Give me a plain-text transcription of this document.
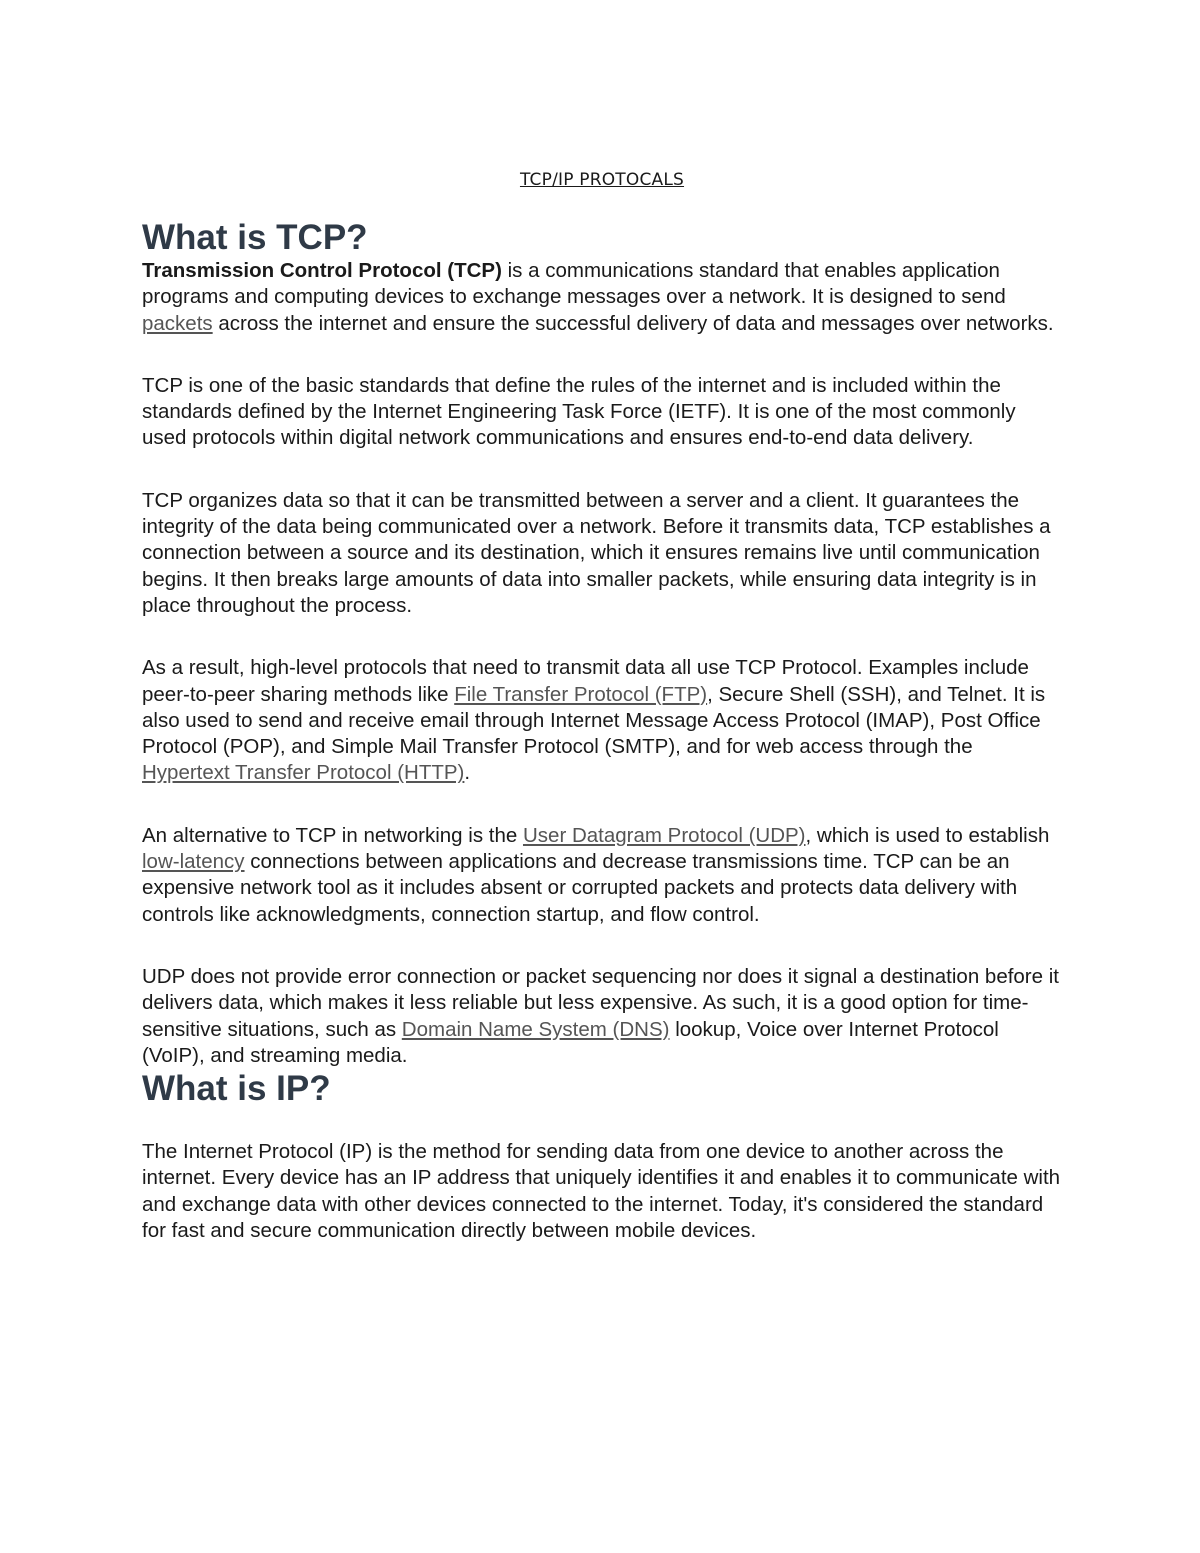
TCP/IP PROTOCALS
What is TCP?

Transmission Control Protocol (TCP) is a communications standard that enables application programs and computing devices to exchange messages over a network. It is designed to send packets across the internet and ensure the successful delivery of data and messages over networks.

TCP is one of the basic standards that define the rules of the internet and is included within the standards defined by the Internet Engineering Task Force (IETF). It is one of the most commonly used protocols within digital network communications and ensures end-to-end data delivery.

TCP organizes data so that it can be transmitted between a server and a client. It guarantees the integrity of the data being communicated over a network. Before it transmits data, TCP establishes a connection between a source and its destination, which it ensures remains live until communication begins. It then breaks large amounts of data into smaller packets, while ensuring data integrity is in place throughout the process.

As a result, high-level protocols that need to transmit data all use TCP Protocol. Examples include peer-to-peer sharing methods like File Transfer Protocol (FTP), Secure Shell (SSH), and Telnet. It is also used to send and receive email through Internet Message Access Protocol (IMAP), Post Office Protocol (POP), and Simple Mail Transfer Protocol (SMTP), and for web access through the Hypertext Transfer Protocol (HTTP).

An alternative to TCP in networking is the User Datagram Protocol (UDP), which is used to establish low-latency connections between applications and decrease transmissions time. TCP can be an expensive network tool as it includes absent or corrupted packets and protects data delivery with controls like acknowledgments, connection startup, and flow control.

UDP does not provide error connection or packet sequencing nor does it signal a destination before it delivers data, which makes it less reliable but less expensive. As such, it is a good option for time-sensitive situations, such as Domain Name System (DNS) lookup, Voice over Internet Protocol (VoIP), and streaming media.

What is IP?

The Internet Protocol (IP) is the method for sending data from one device to another across the internet. Every device has an IP address that uniquely identifies it and enables it to communicate with and exchange data with other devices connected to the internet. Today, it's considered the standard for fast and secure communication directly between mobile devices.
